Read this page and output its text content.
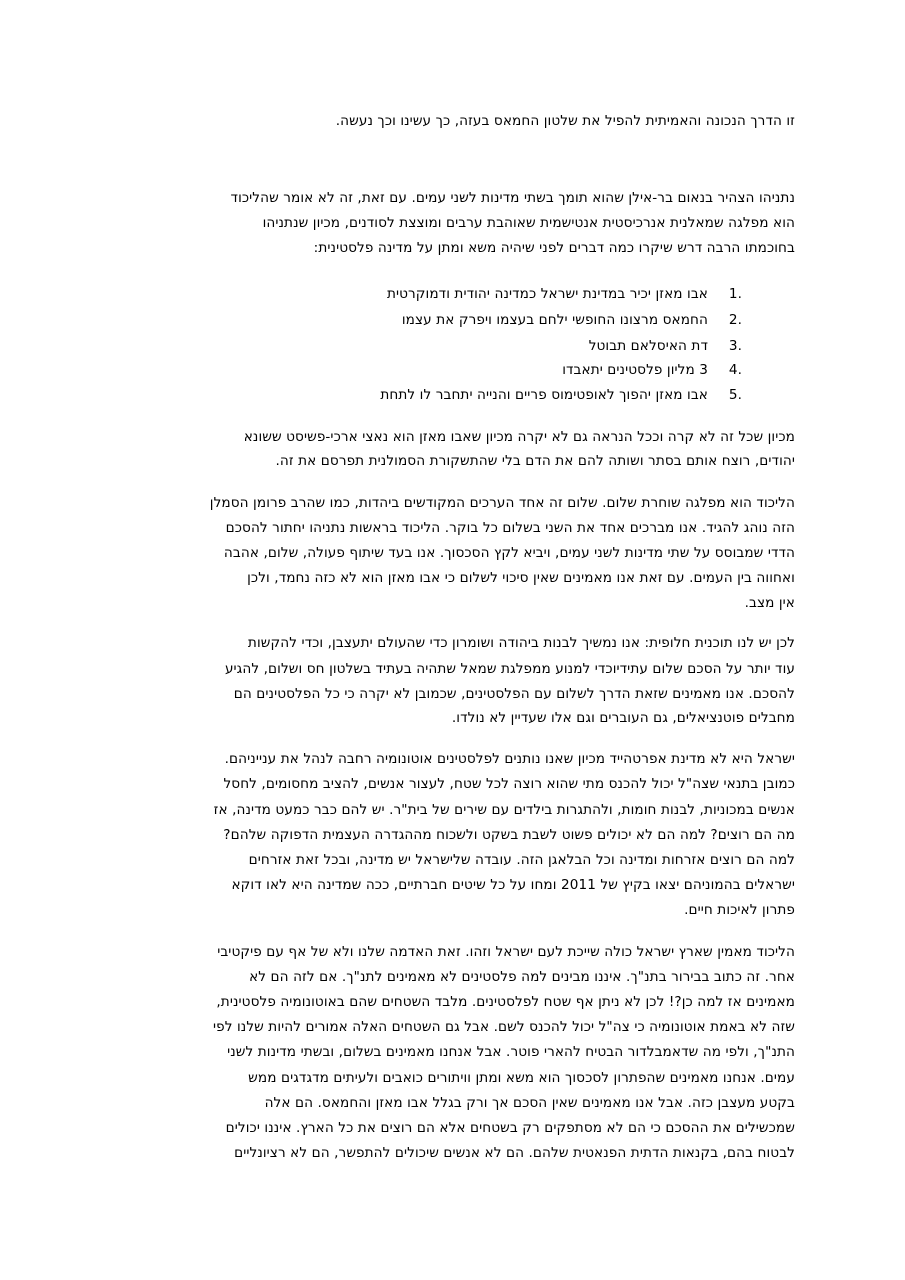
זו הדרך הנכונה והאמיתית להפיל את שלטון החמאס בעזה, כך עשינו וכך נעשה.
נתניהו הצהיר בנאום בר-אילן שהוא תומך בשתי מדינות לשני עמים. עם זאת, זה לא אומר שהליכוד
הוא מפלגה שמאלנית אנרכיסטית אנטישמית שאוהבת ערבים ומוצצת לסודנים, מכיון שנתניהו
בחוכמתו הרבה דרש שיקרו כמה דברים לפני שיהיה משא ומתן על מדינה פלסטינית:
1.
אבו מאזן יכיר במדינת ישראל כמדינה יהודית ודמוקרטית
2.
החמאס מרצונו החופשי ילחם בעצמו ויפרק את עצמו
3.
דת האיסלאם תבוטל
4.
3 מליון פלסטינים יתאבדו
5.
אבו מאזן יהפוך לאופטימוס פריים והנייה יתחבר לו לתחת
מכיון שכל זה לא קרה וככל הנראה גם לא יקרה מכיון שאבו מאזן הוא נאצי ארכי-פשיסט ששונא
יהודים, רוצח אותם בסתר ושותה להם את הדם בלי שהתשקורת הסמולנית תפרסם את זה.
הליכוד הוא מפלגה שוחרת שלום. שלום זה אחד הערכים המקודשים ביהדות, כמו שהרב פרומן הסמלן
הזה נוהג להגיד. אנו מברכים אחד את השני בשלום כל בוקר. הליכוד בראשות נתניהו יחתור להסכם
הדדי שמבוסס על שתי מדינות לשני עמים, ויביא לקץ הסכסוך. אנו בעד שיתוף פעולה, שלום, אהבה
ואחווה בין העמים. עם זאת אנו מאמינים שאין סיכוי לשלום כי אבו מאזן הוא לא כזה נחמד, ולכן
אין מצב.
לכן יש לנו תוכנית חלופית: אנו נמשיך לבנות ביהודה ושומרון כדי שהעולם יתעצבן, וכדי להקשות
עוד יותר על הסכם שלום עתידיוכדי למנוע ממפלגת שמאל שתהיה בעתיד בשלטון חס ושלום, להגיע
להסכם. אנו מאמינים שזאת הדרך לשלום עם הפלסטינים, שכמובן לא יקרה כי כל הפלסטינים הם
מחבלים פוטנציאלים, גם העוברים וגם אלו שעדיין לא נולדו.
ישראל היא לא מדינת אפרטהייד מכיון שאנו נותנים לפלסטינים אוטונומיה רחבה לנהל את ענייניהם.
כמובן בתנאי שצה"ל יכול להכנס מתי שהוא רוצה לכל שטח, לעצור אנשים, להציב מחסומים, לחסל
אנשים במכוניות, לבנות חומות, ולהתגרות בילדים עם שירים של בית"ר. יש להם כבר כמעט מדינה, אז
מה הם רוצים? למה הם לא יכולים פשוט לשבת בשקט ולשכוח מההגדרה העצמית הדפוקה שלהם?
למה הם רוצים אזרחות ומדינה וכל הבלאגן הזה. עובדה שלישראל יש מדינה, ובכל זאת אזרחים
ישראלים בהמוניהם יצאו בקיץ של 2011 ומחו על כל שיטים חברתיים, ככה שמדינה היא לאו דוקא
פתרון לאיכות חיים.
הליכוד מאמין שארץ ישראל כולה שייכת לעם ישראל וזהו. זאת האדמה שלנו ולא של אף עם פיקטיבי
אחר. זה כתוב בבירור בתנ"ך. איננו מבינים למה פלסטינים לא מאמינים לתנ"ך. אם לזה הם לא
מאמינים אז למה כן?! לכן לא ניתן אף שטח לפלסטינים. מלבד השטחים שהם באוטונומיה פלסטינית,
שזה לא באמת אוטונומיה כי צה"ל יכול להכנס לשם. אבל גם השטחים האלה אמורים להיות שלנו לפי
התנ"ך, ולפי מה שדאמבלדור הבטיח להארי פוטר. אבל אנחנו מאמינים בשלום, ובשתי מדינות לשני
עמים. אנחנו מאמינים שהפתרון לסכסוך הוא משא ומתן וויתורים כואבים ולעיתים מדגדגים ממש
בקטע מעצבן כזה. אבל אנו מאמינים שאין הסכם אך ורק בגלל אבו מאזן והחמאס. הם אלה
שמכשילים את ההסכם כי הם לא מסתפקים רק בשטחים אלא הם רוצים את כל הארץ. איננו יכולים
לבטוח בהם, בקנאות הדתית הפנאטית שלהם. הם לא אנשים שיכולים להתפשר, הם לא רציונליים
